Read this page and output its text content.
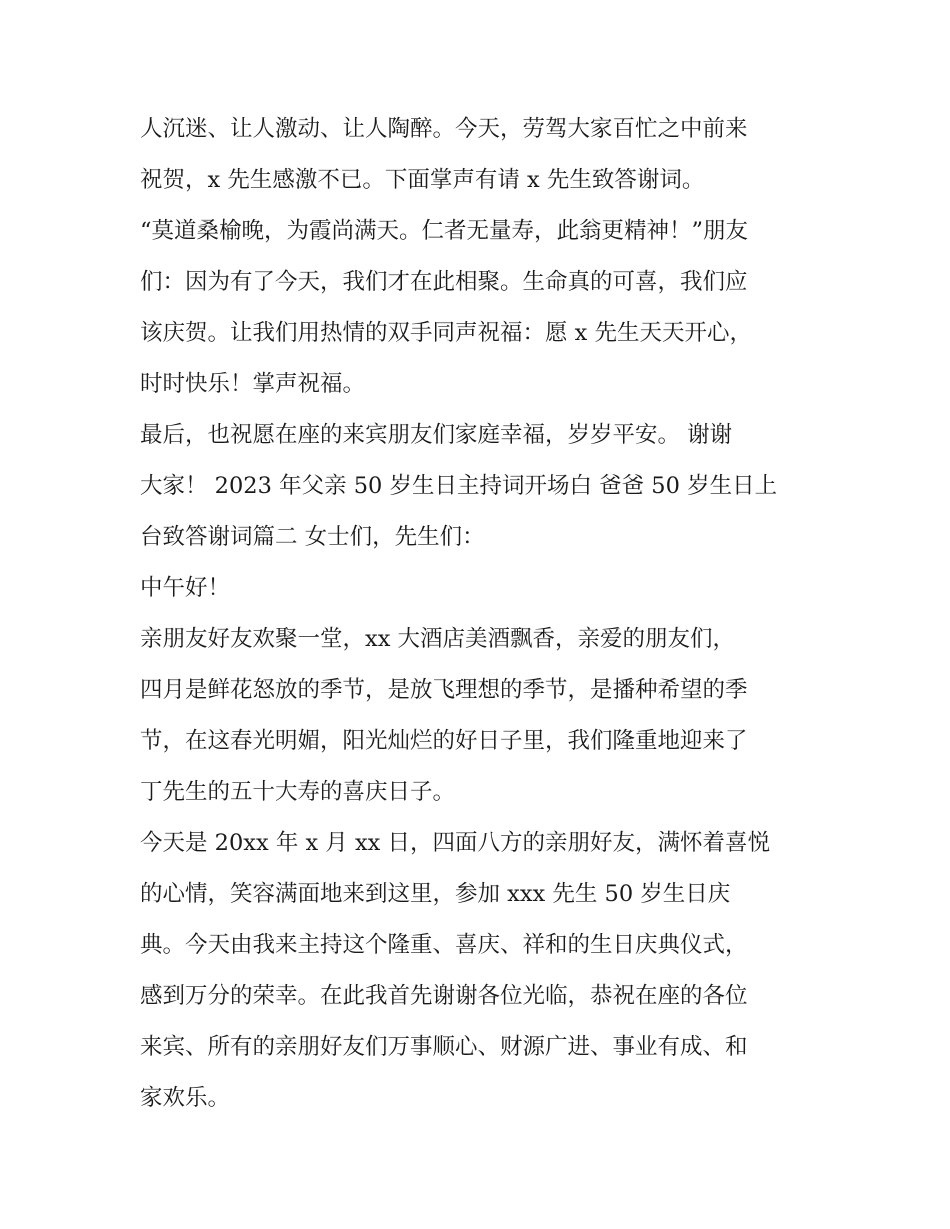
人沉迷、让人激动、让人陶醉。今天，劳驾大家百忙之中前来
祝贺，x 先生感激不已。下面掌声有请 x 先生致答谢词。
“莫道桑榆晚，为霞尚满天。仁者无量寿，此翁更精神！”朋友
们：因为有了今天，我们才在此相聚。生命真的可喜，我们应
该庆贺。让我们用热情的双手同声祝福：愿 x 先生天天开心，
时时快乐！掌声祝福。
最后，也祝愿在座的来宾朋友们家庭幸福，岁岁平安。 谢谢
大家！ 2023 年父亲 50 岁生日主持词开场白 爸爸 50 岁生日上
台致答谢词篇二 女士们，先生们：
中午好！
亲朋友好友欢聚一堂，xx 大酒店美酒飘香，亲爱的朋友们，
四月是鲜花怒放的季节，是放飞理想的季节，是播种希望的季
节，在这春光明媚，阳光灿烂的好日子里，我们隆重地迎来了
丁先生的五十大寿的喜庆日子。
今天是 20xx 年 x 月 xx 日，四面八方的亲朋好友，满怀着喜悦
的心情，笑容满面地来到这里，参加 xxx 先生 50 岁生日庆
典。今天由我来主持这个隆重、喜庆、祥和的生日庆典仪式，
感到万分的荣幸。在此我首先谢谢各位光临，恭祝在座的各位
来宾、所有的亲朋好友们万事顺心、财源广进、事业有成、和
家欢乐。
